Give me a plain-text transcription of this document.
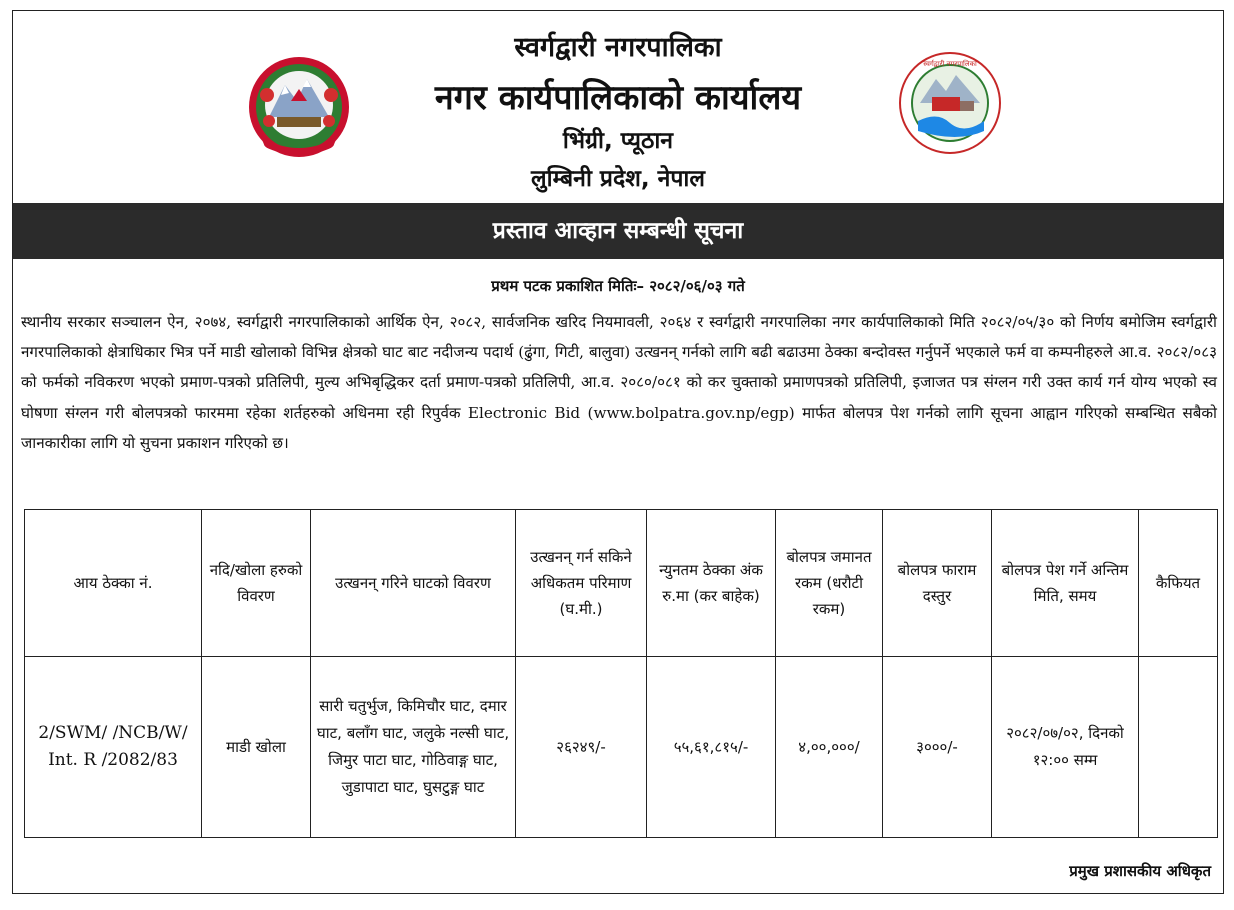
स्वर्गद्वारी नगरपालिका
नगर कार्यपालिकाको कार्यालय
भिंग्री, प्यूठान
लुम्बिनी प्रदेश, नेपाल
स्वर्गद्वारी नगरपालिका
प्रस्ताव आव्हान सम्बन्धी सूचना
प्रथम पटक प्रकाशित मितिः– २०८२/०६/०३ गते
स्थानीय सरकार सञ्चालन ऐन, २०७४, स्वर्गद्वारी नगरपालिकाको आर्थिक ऐन, २०८२, सार्वजनिक खरिद नियमावली, २०६४ र स्वर्गद्वारी नगरपालिका नगर कार्यपालिकाको मिति २०८२/०५/३० को निर्णय बमोजिम स्वर्गद्वारी नगरपालिकाको क्षेत्राधिकार भित्र पर्ने माडी खोलाको विभिन्न क्षेत्रको घाट बाट नदीजन्य पदार्थ (ढुंगा, गिटी, बालुवा) उत्खनन् गर्नको लागि बढी बढाउमा ठेक्का बन्दोवस्त गर्नुपर्ने भएकाले फर्म वा कम्पनीहरुले आ.व. २०८२/०८३ को फर्मको नविकरण भएको प्रमाण-पत्रको प्रतिलिपी, मुल्य अभिबृद्धिकर दर्ता प्रमाण-पत्रको प्रतिलिपी, आ.व. २०८०/०८१ को कर चुक्ताको प्रमाणपत्रको प्रतिलिपी, इजाजत पत्र संग्लन गरी उक्त कार्य गर्न योग्य भएको स्व घोषणा संग्लन गरी बोलपत्रको फारममा रहेका शर्तहरुको अधिनमा रही रिपुर्वक Electronic Bid (www.bolpatra.gov.np/egp) मार्फत बोलपत्र पेश गर्नको लागि सूचना आह्वान गरिएको सम्बन्धित सबैको जानकारीका लागि यो सुचना प्रकाशन गरिएको छ।
आय ठेक्का नं.	नदि/खोला हरुको विवरण	उत्खनन् गरिने घाटको विवरण	उत्खनन् गर्न सकिने अधिकतम परिमाण (घ.मी.)	न्युनतम ठेक्का अंक रु.मा (कर बाहेक)	बोलपत्र जमानत रकम (धरौटी रकम)	बोलपत्र फाराम दस्तुर	बोलपत्र पेश गर्ने अन्तिम मिति, समय	कैफियत
2/SWM/ /NCB/W/ Int. R /2082/83	माडी खोला	सारी चतुर्भुज, किमिचौर घाट, दमार घाट, बलाँग घाट, जलुके नल्सी घाट, जिमुर पाटा घाट, गोठिवाङ्ग घाट, जुडापाटा घाट, घुसटुङ्ग घाट	२६२४९/-	५५,६१,८१५/-	४,००,०००/	३०००/-	२०८२/०७/०२, दिनको १२:०० सम्म	
प्रमुख प्रशासकीय अधिकृत
